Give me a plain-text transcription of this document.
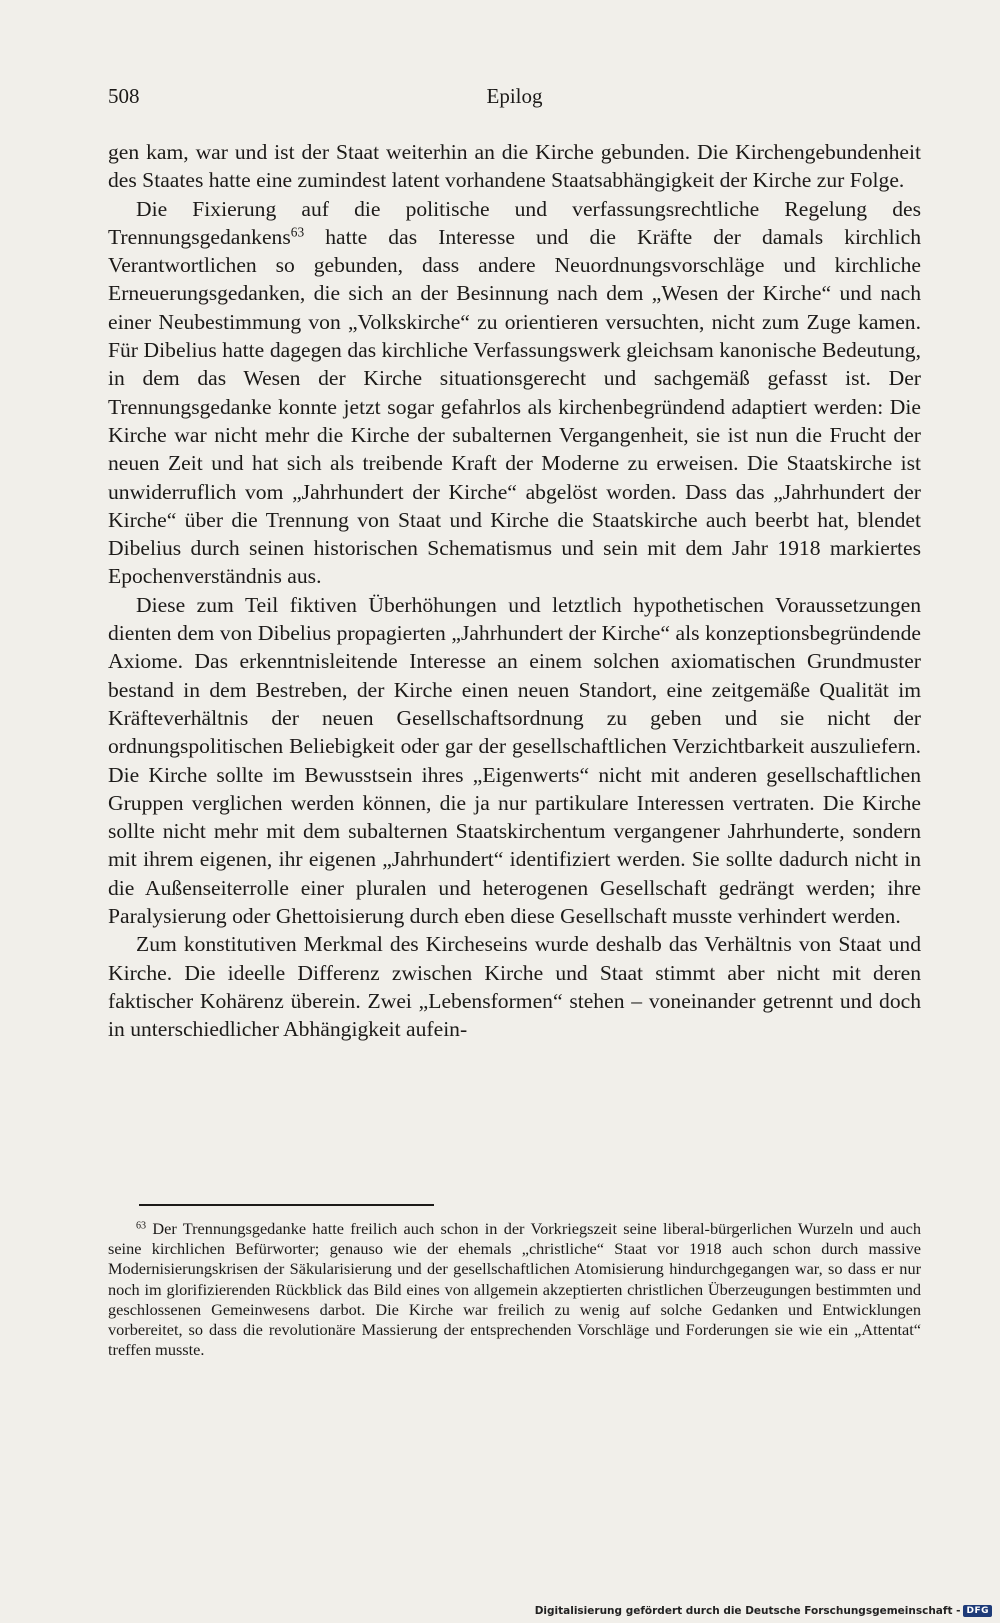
508	Epilog

gen kam, war und ist der Staat weiterhin an die Kirche gebunden. Die Kirchengebundenheit des Staates hatte eine zumindest latent vorhandene Staatsabhängigkeit der Kirche zur Folge.

Die Fixierung auf die politische und verfassungsrechtliche Regelung des Trennungsgedankens$^{63}$ hatte das Interesse und die Kräfte der damals kirchlich Verantwortlichen so gebunden, dass andere Neuordnungsvorschläge und kirchliche Erneuerungsgedanken, die sich an der Besinnung nach dem „Wesen der Kirche“ und nach einer Neubestimmung von „Volkskirche“ zu orientieren versuchten, nicht zum Zuge kamen. Für Dibelius hatte dagegen das kirchliche Verfassungswerk gleichsam kanonische Bedeutung, in dem das Wesen der Kirche situationsgerecht und sachgemäß gefasst ist. Der Trennungsgedanke konnte jetzt sogar gefahrlos als kirchenbegründend adaptiert werden: Die Kirche war nicht mehr die Kirche der subalternen Vergangenheit, sie ist nun die Frucht der neuen Zeit und hat sich als treibende Kraft der Moderne zu erweisen. Die Staatskirche ist unwiderruflich vom „Jahrhundert der Kirche“ abgelöst worden. Dass das „Jahrhundert der Kirche“ über die Trennung von Staat und Kirche die Staatskirche auch beerbt hat, blendet Dibelius durch seinen historischen Schematismus und sein mit dem Jahr 1918 markiertes Epochenverständnis aus.

Diese zum Teil fiktiven Überhöhungen und letztlich hypothetischen Voraussetzungen dienten dem von Dibelius propagierten „Jahrhundert der Kirche“ als konzeptionsbegründende Axiome. Das erkenntnisleitende Interesse an einem solchen axiomatischen Grundmuster bestand in dem Bestreben, der Kirche einen neuen Standort, eine zeitgemäße Qualität im Kräfteverhältnis der neuen Gesellschaftsordnung zu geben und sie nicht der ordnungspolitischen Beliebigkeit oder gar der gesellschaftlichen Verzichtbarkeit auszuliefern. Die Kirche sollte im Bewusstsein ihres „Eigenwerts“ nicht mit anderen gesellschaftlichen Gruppen verglichen werden können, die ja nur partikulare Interessen vertraten. Die Kirche sollte nicht mehr mit dem subalternen Staatskirchentum vergangener Jahrhunderte, sondern mit ihrem eigenen, ihr eigenen „Jahrhundert“ identifiziert werden. Sie sollte dadurch nicht in die Außenseiterrolle einer pluralen und heterogenen Gesellschaft gedrängt werden; ihre Paralysierung oder Ghettoisierung durch eben diese Gesellschaft musste verhindert werden.

Zum konstitutiven Merkmal des Kircheseins wurde deshalb das Verhältnis von Staat und Kirche. Die ideelle Differenz zwischen Kirche und Staat stimmt aber nicht mit deren faktischer Kohärenz überein. Zwei „Lebensformen“ stehen – voneinander getrennt und doch in unterschiedlicher Abhängigkeit aufein-

$^{63}$ Der Trennungsgedanke hatte freilich auch schon in der Vorkriegszeit seine liberal-bürgerlichen Wurzeln und auch seine kirchlichen Befürworter; genauso wie der ehemals „christliche“ Staat vor 1918 auch schon durch massive Modernisierungskrisen der Säkularisierung und der gesellschaftlichen Atomisierung hindurchgegangen war, so dass er nur noch im glorifizierenden Rückblick das Bild eines von allgemein akzeptierten christlichen Überzeugungen bestimmten und geschlossenen Gemeinwesens darbot. Die Kirche war freilich zu wenig auf solche Gedanken und Entwicklungen vorbereitet, so dass die revolutionäre Massierung der entsprechenden Vorschläge und Forderungen sie wie ein „Attentat“ treffen musste.

Digitalisierung gefördert durch die Deutsche Forschungsgemeinschaft - DFG
